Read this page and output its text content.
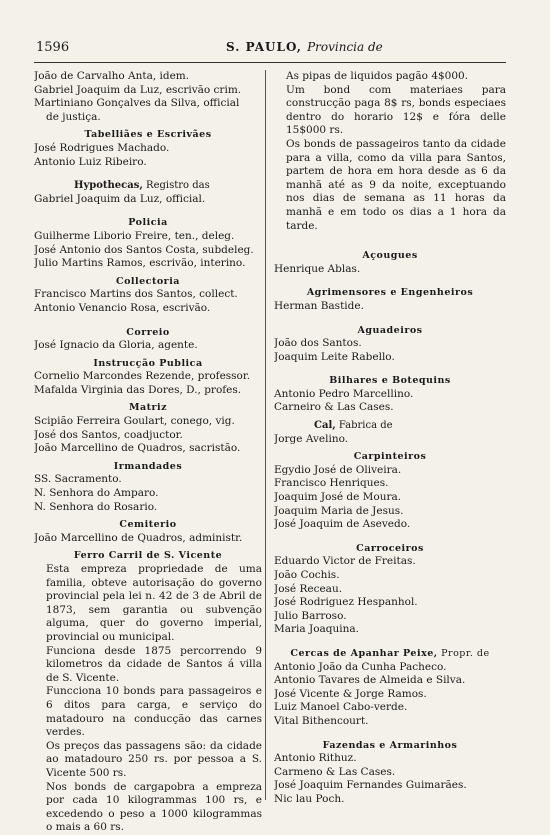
1596	S. PAULO, Provincia de
João de Carvalho Anta, idem.
Gabriel Joaquim da Luz, escrivão crim.
Martiniano Gonçalves da Silva, official
de justiça.
Tabelliães e Escrivães
José Rodrigues Machado.
Antonio Luiz Ribeiro.
Hypothecas, Registro das
Gabriel Joaquim da Luz, official.
Policia
Guilherme Liborio Freire, ten., deleg.
José Antonio dos Santos Costa, subdeleg.
Julio Martins Ramos, escrivão, interino.
Collectoria
Francisco Martins dos Santos, collect.
Antonio Venancio Rosa, escrivão.
Correio
José Ignacio da Gloria, agente.
Instrucção Publica
Cornelio Marcondes Rezende, professor.
Mafalda Virginia das Dores, D., profes.
Matriz
Scipião Ferreira Goulart, conego, vig.
José dos Santos, coadjuctor.
João Marcellino de Quadros, sacristão.
Irmandades
SS. Sacramento.
N. Senhora do Amparo.
N. Senhora do Rosario.
Cemiterio
João Marcellino de Quadros, administr.
Ferro Carril de S. Vicente
Esta empreza propriedade de uma familia, obteve autorisação do governo provincial pela lei n. 42 de 3 de Abril de 1873, sem garantia ou subvenção alguma, quer do governo imperial, provincial ou municipal.
Funciona desde 1875 percorrendo 9 kilometros da cidade de Santos á villa de S. Vicente.
Funcciona 10 bonds para passageiros e 6 ditos para carga, e serviço do matadouro na conducção das carnes verdes.
Os preços das passagens são: da cidade ao matadouro 250 rs. por pessoa a S. Vicente 500 rs.
Nos bonds de cargapobra a empreza por cada 10 kilogrammas 100 rs, e excedendo o peso a 1000 kilogrammas o mais a 60 rs.
As pipas de liquidos pagão 4$000.
Um bond com materiaes para construcção paga 8$ rs, bonds especiaes dentro do horario 12$ e fóra delle 15$000 rs.
Os bonds de passageiros tanto da cidade para a villa, como da villa para Santos, partem de hora em hora desde as 6 da manhã até as 9 da noite, exceptuando nos dias de semana as 11 horas da manhã e em todo os dias a 1 hora da tarde.
Açougues
Henrique Ablas.
Agrimensores e Engenheiros
Herman Bastide.
Aguadeiros
João dos Santos.
Joaquim Leite Rabello.
Bilhares e Botequins
Antonio Pedro Marcellino.
Carneiro & Las Cases.
Cal, Fabrica de
Jorge Avelino.
Carpinteiros
Egydio José de Oliveira.
Francisco Henriques.
Joaquim José de Moura.
Joaquim Maria de Jesus.
José Joaquim de Asevedo.
Carroceiros
Eduardo Victor de Freitas.
João Cochis.
José Receau.
José Rodriguez Hespanhol.
Julio Barroso.
Maria Joaquina.
Cercas de Apanhar Peixe, Propr. de
Antonio João da Cunha Pacheco.
Antonio Tavares de Almeida e Silva.
José Vicente & Jorge Ramos.
Luiz Manoel Cabo-verde.
Vital Bithencourt.
Fazendas e Armarinhos
Antonio Rithuz.
Carmeno & Las Cases.
José Joaquim Fernandes Guimarães.
Nic lau Poch.
